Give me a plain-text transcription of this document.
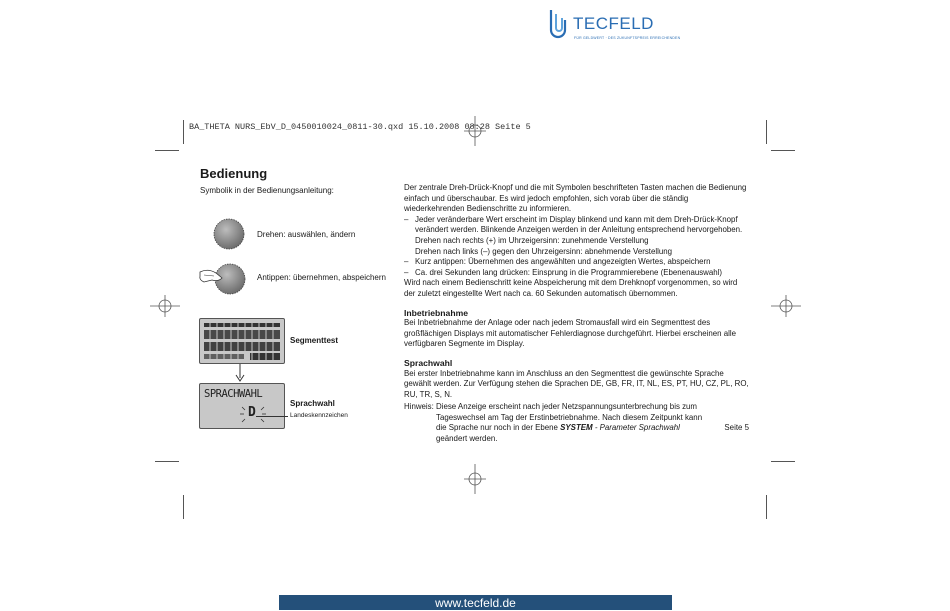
TECFELD
FÜR GELDWERT · DES ZUKUNFTSPREIS ERREICHENDEN
BA_THETA NURS_EbV_D_0450010024_0811-30.qxd 15.10.2008 08:28 Seite 5
Bedienung
Symbolik in der Bedienungsanleitung:
Drehen: auswählen, ändern
Antippen: übernehmen, abspeichern
Segmenttest
SPRACHWAHL
D
Sprachwahl
Landeskennzeichen

Der zentrale Dreh-Drück-Knopf und die mit Symbolen beschrifteten Tasten machen die Bedienung einfach und überschaubar. Es wird jedoch empfohlen, sich vorab über die ständig wiederkehrenden Bedienschritte zu informieren.

– Jeder veränderbare Wert erscheint im Display blinkend und kann mit dem Dreh-Drück-Knopf verändert werden. Blinkende Anzeigen werden in der Anleitung entsprechend hervorgehoben.

Drehen nach rechts (+) im Uhrzeigersinn: zunehmende Verstellung

Drehen nach links (–) gegen den Uhrzeigersinn: abnehmende Verstellung

– Kurz antippen: Übernehmen des angewählten und angezeigten Wertes, abspeichern
– Ca. drei Sekunden lang drücken: Einsprung in die Programmierebene (Ebenenauswahl)

Wird nach einem Bedienschritt keine Abspeicherung mit dem Drehknopf vorgenommen, so wird der zuletzt eingestellte Wert nach ca. 60 Sekunden automatisch übernommen.

Inbetriebnahme

Bei Inbetriebnahme der Anlage oder nach jedem Stromausfall wird ein Segmenttest des großflächigen Displays mit automatischer Fehlerdiagnose durchgeführt. Hierbei erscheinen alle verfügbaren Segmente im Display.

Sprachwahl

Bei erster Inbetriebnahme kann im Anschluss an den Segmenttest die gewünschte Sprache gewählt werden. Zur Verfügung stehen die Sprachen DE, GB, FR, IT, NL, ES, PT, HU, CZ, PL, RO, RU, TR, S, N.

Hinweis: Diese Anzeige erscheint nach jeder Netzspannungsunterbrechung bis zum Tageswechsel am Tag der Erstinbetriebnahme. Nach diesem Zeitpunkt kann die Sprache nur noch in der Ebene SYSTEM - Parameter Sprachwahl geändert werden.
Seite 5
www.tecfeld.de
